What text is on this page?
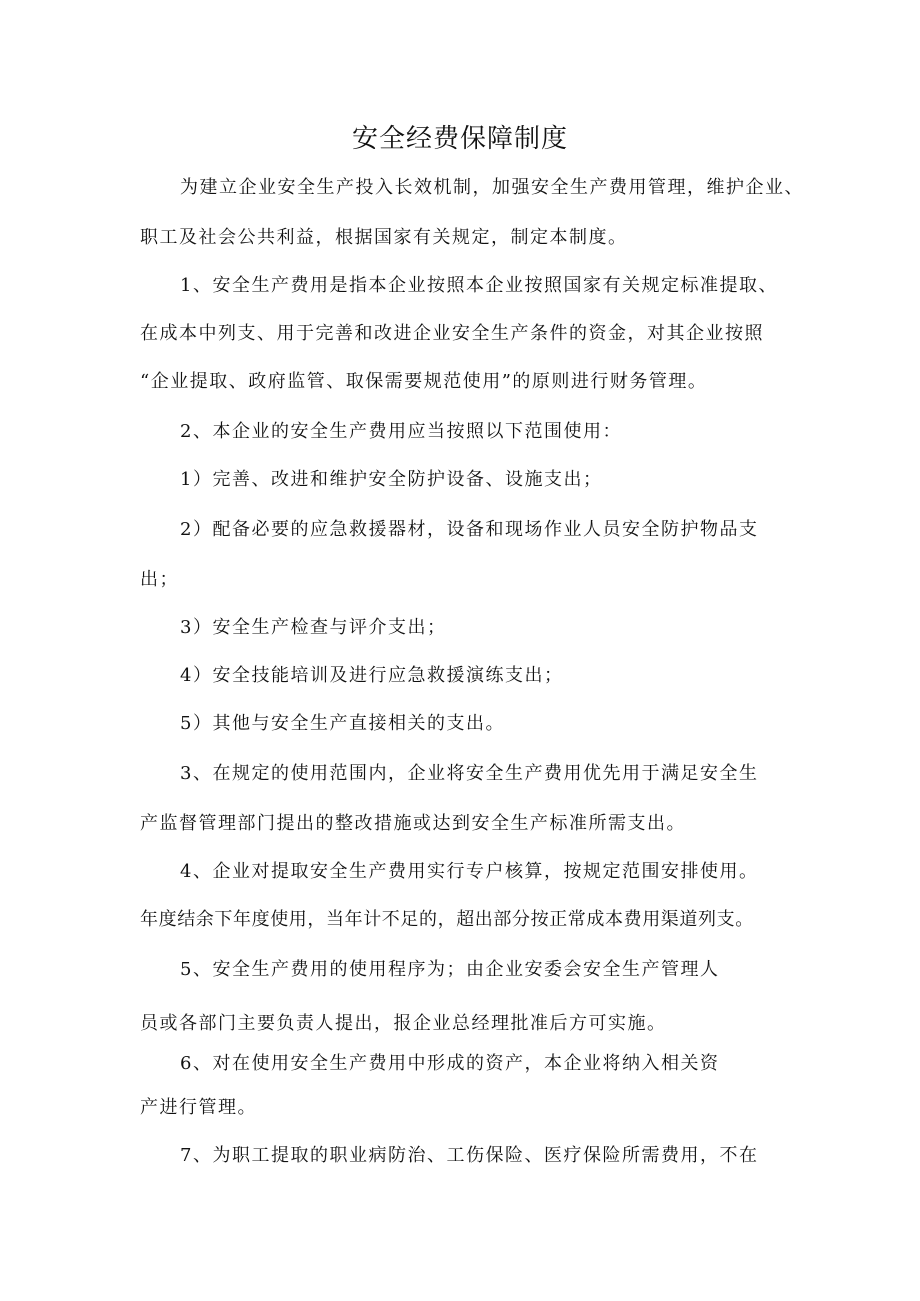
安全经费保障制度

为建立企业安全生产投入长效机制，加强安全生产费用管理，维护企业、

职工及社会公共利益，根据国家有关规定，制定本制度。

1、安全生产费用是指本企业按照本企业按照国家有关规定标准提取、

在成本中列支、用于完善和改进企业安全生产条件的资金，对其企业按照

“企业提取、政府监管、取保需要规范使用”的原则进行财务管理。

2、本企业的安全生产费用应当按照以下范围使用：

1）完善、改进和维护安全防护设备、设施支出；

2）配备必要的应急救援器材，设备和现场作业人员安全防护物品支

出；

3）安全生产检查与评介支出；

4）安全技能培训及进行应急救援演练支出；

5）其他与安全生产直接相关的支出。

3、在规定的使用范围内，企业将安全生产费用优先用于满足安全生

产监督管理部门提出的整改措施或达到安全生产标准所需支出。

4、企业对提取安全生产费用实行专户核算，按规定范围安排使用。

年度结余下年度使用，当年计不足的，超出部分按正常成本费用渠道列支。

5、安全生产费用的使用程序为；由企业安委会安全生产管理人

员或各部门主要负责人提出，报企业总经理批准后方可实施。

6、对在使用安全生产费用中形成的资产，本企业将纳入相关资

产进行管理。

7、为职工提取的职业病防治、工伤保险、医疗保险所需费用，不在
